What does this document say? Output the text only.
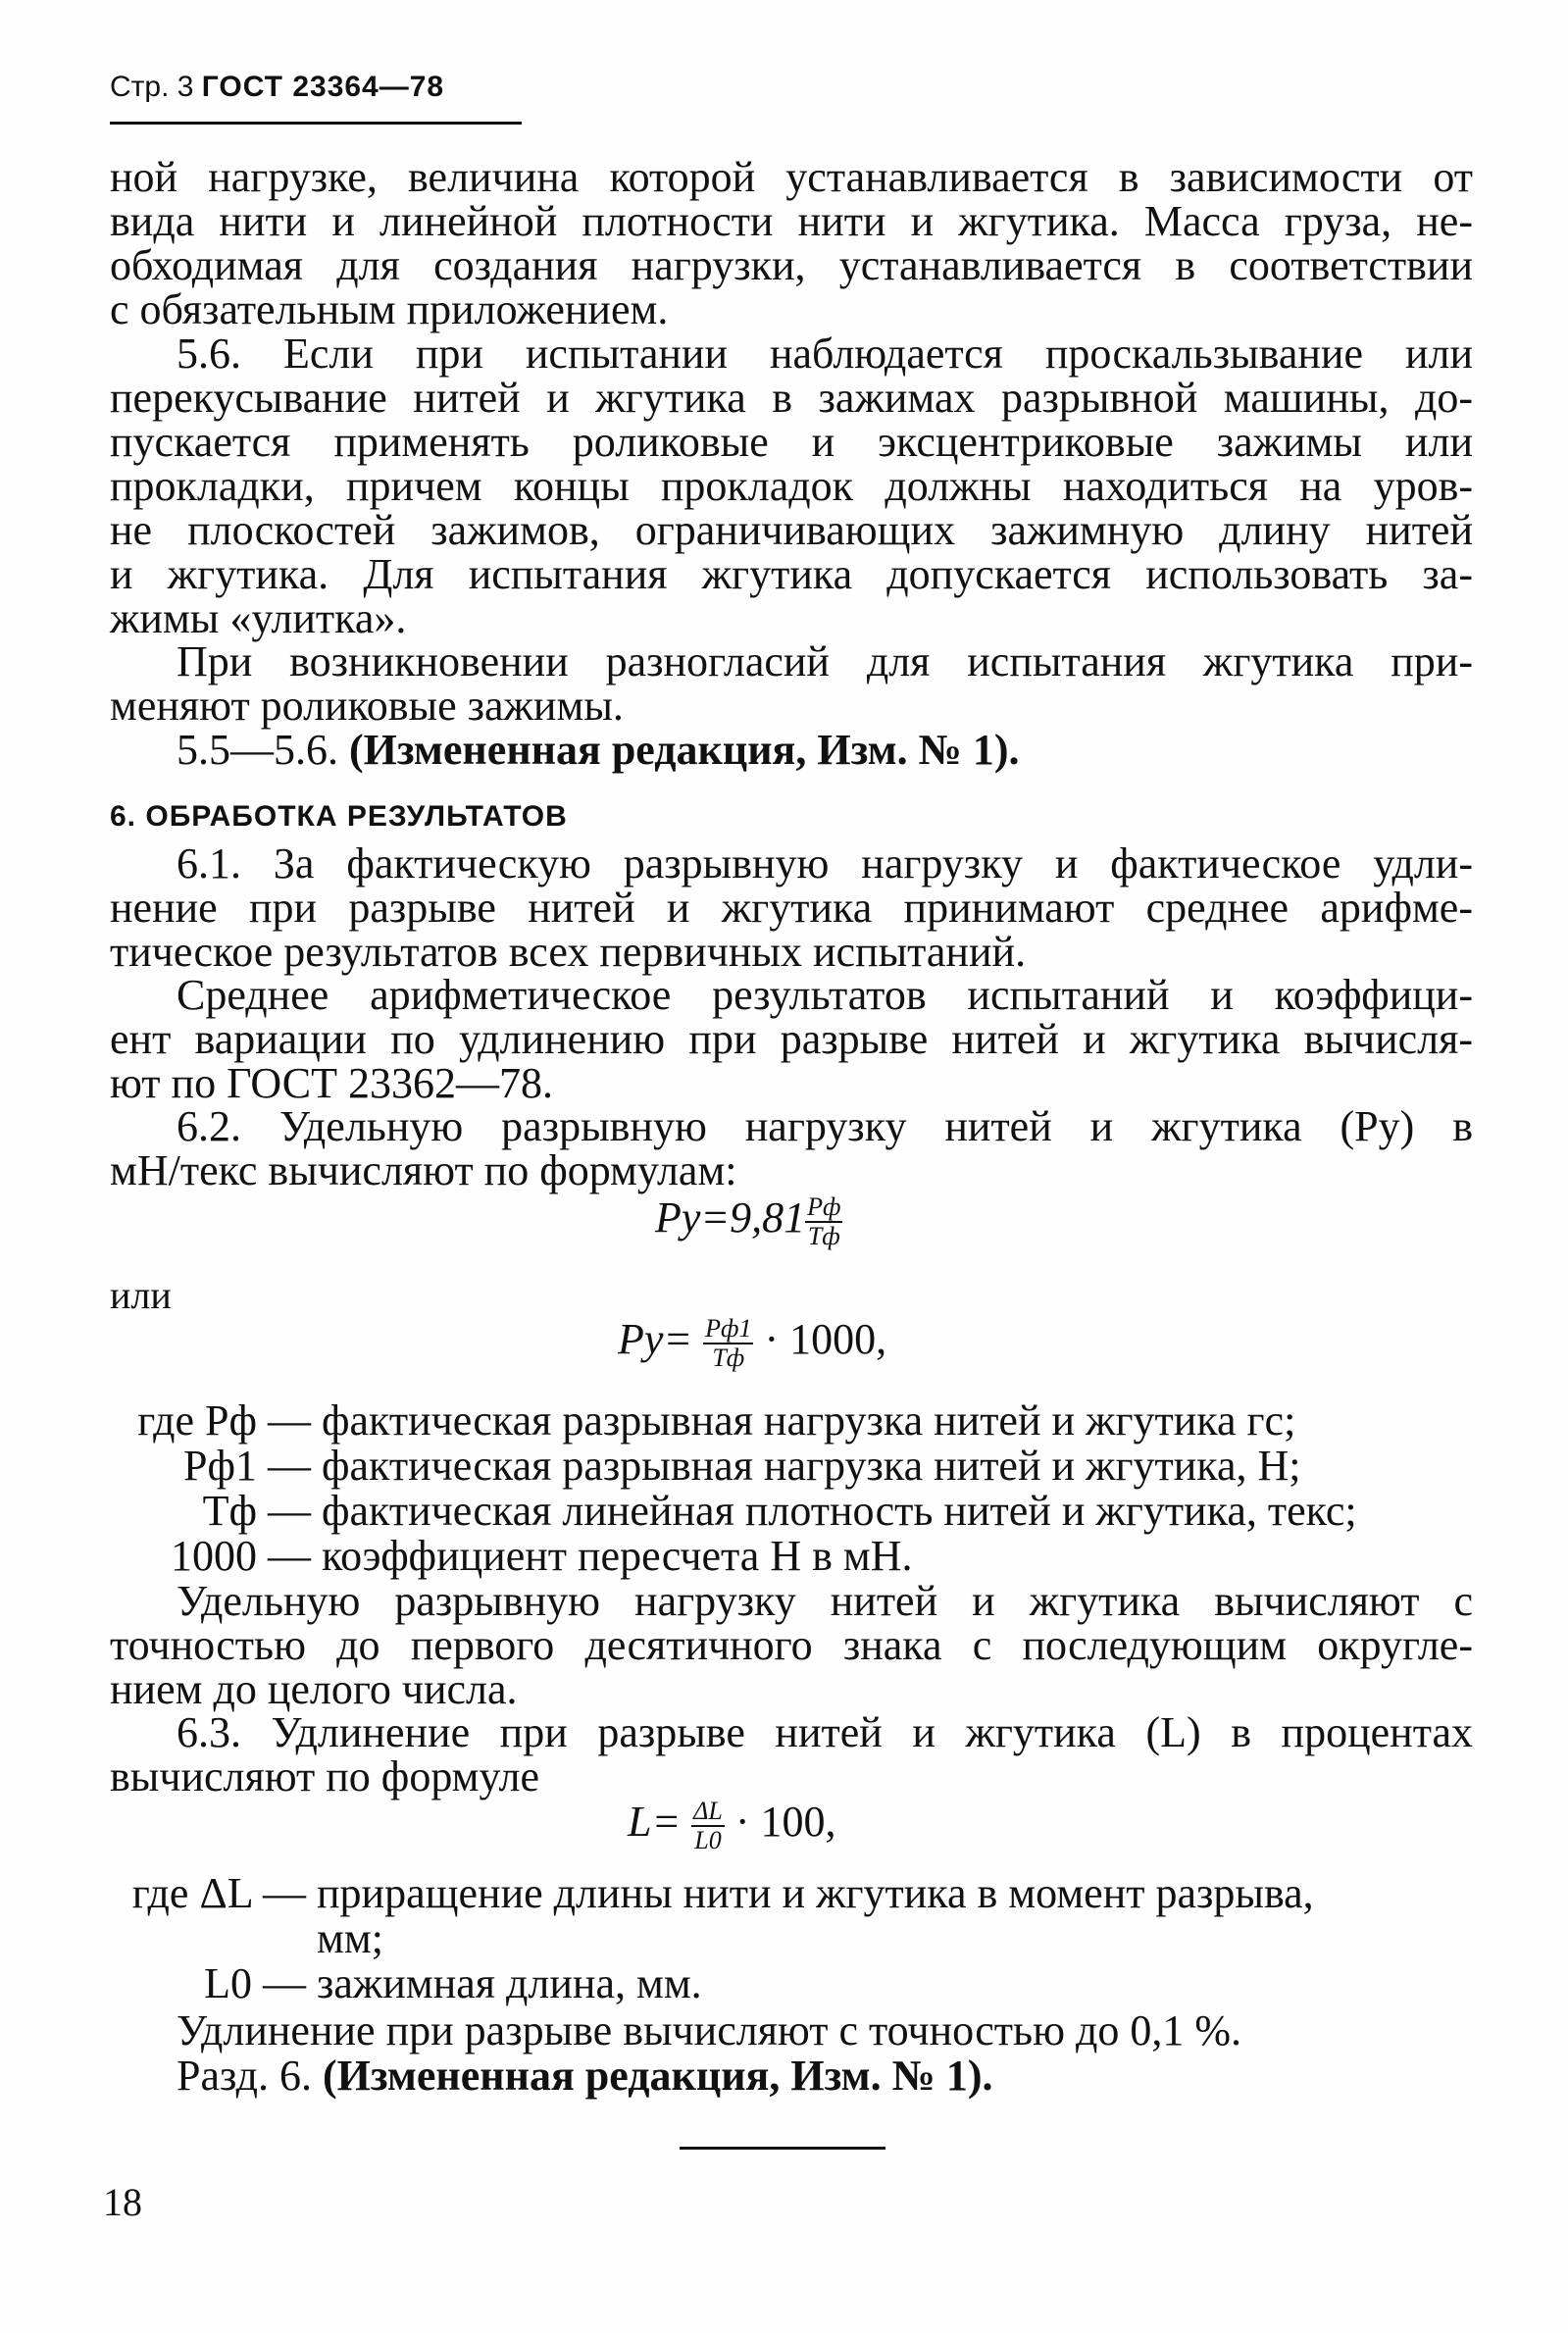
Стр. 3 ГОСТ 23364—78
ной нагрузке, величина которой устанавливается в зависимости от
вида нити и линейной плотности нити и жгутика. Масса груза, не-
обходимая для создания нагрузки, устанавливается в соответствии
с обязательным приложением.
5.6. Если при испытании наблюдается проскальзывание или
перекусывание нитей и жгутика в зажимах разрывной машины, до-
пускается применять роликовые и эксцентриковые зажимы или
прокладки, причем концы прокладок должны находиться на уров-
не плоскостей зажимов, ограничивающих зажимную длину нитей
и жгутика. Для испытания жгутика допускается использовать за-
жимы «улитка».
При возникновении разногласий для испытания жгутика при-
меняют роликовые зажимы.
5.5—5.6. (Измененная редакция, Изм. № 1).
6. ОБРАБОТКА РЕЗУЛЬТАТОВ
6.1. За фактическую разрывную нагрузку и фактическое удли-
нение при разрыве нитей и жгутика принимают среднее арифме-
тическое результатов всех первичных испытаний.
Среднее арифметическое результатов испытаний и коэффици-
ент вариации по удлинению при разрыве нитей и жгутика вычисля-
ют по ГОСТ 23362—78.
6.2. Удельную разрывную нагрузку нитей и жгутика (Pу) в
мН/текс вычисляют по формулам:
$Pу=9,81 \frac{Pф}{Tф}$
или
$Pу= \frac{Pф1}{Tф} \cdot 1000$,
где Pф — фактическая разрывная нагрузка нитей и жгутика гс;
Pф1 — фактическая разрывная нагрузка нитей и жгутика, Н;
Tф — фактическая линейная плотность нитей и жгутика, текс;
1000 — коэффициент пересчета Н в мН.
Удельную разрывную нагрузку нитей и жгутика вычисляют с
точностью до первого десятичного знака с последующим округле-
нием до целого числа.
6.3. Удлинение при разрыве нитей и жгутика (L) в процентах
вычисляют по формуле
$L= \frac{\Delta L}{L0} \cdot 100$,
где ΔL — приращение длины нити и жгутика в момент разрыва,
мм;
L0 — зажимная длина, мм.
Удлинение при разрыве вычисляют с точностью до 0,1 %.
Разд. 6. (Измененная редакция, Изм. № 1).
18
